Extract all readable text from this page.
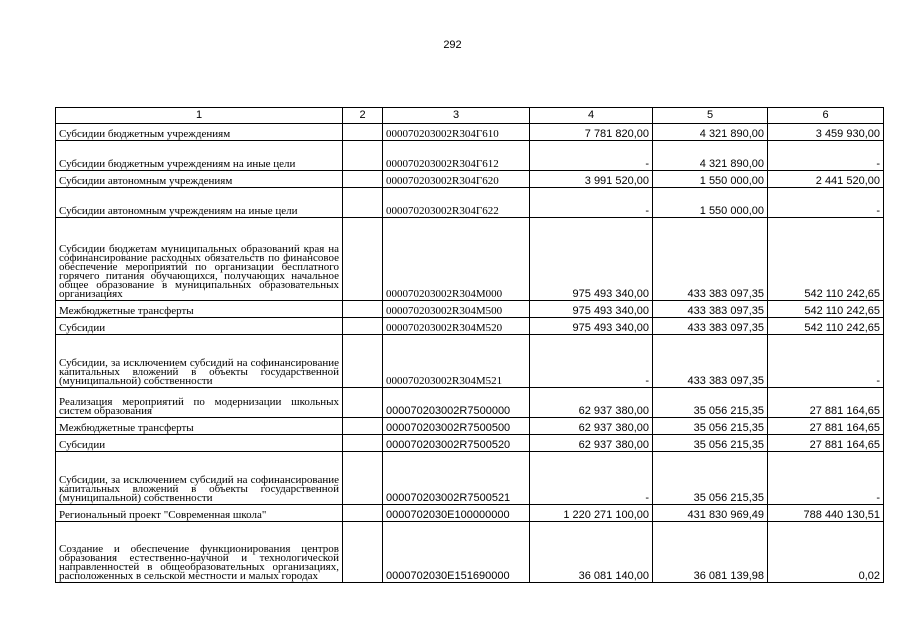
292
1	2	3	4	5	6
Субсидии бюджетным учреждениям		000070203002R304Г610	7 781 820,00	4 321 890,00	3 459 930,00
Субсидии бюджетным учреждениям на иные цели		000070203002R304Г612	-	4 321 890,00	-
Субсидии автономным учреждениям		000070203002R304Г620	3 991 520,00	1 550 000,00	2 441 520,00
Субсидии автономным учреждениям на иные цели		000070203002R304Г622	-	1 550 000,00	-
Субсидии бюджетам муниципальных образований края на софинансирование расходных обязательств по финансовое обеспечение мероприятий по организации бесплатного горячего питания обучающихся, получающих начальное общее образование в муниципальных образовательных организациях		000070203002R304M000	975 493 340,00	433 383 097,35	542 110 242,65
Межбюджетные трансферты		000070203002R304M500	975 493 340,00	433 383 097,35	542 110 242,65
Субсидии		000070203002R304M520	975 493 340,00	433 383 097,35	542 110 242,65
Субсидии, за исключением субсидий на софинансирование капитальных вложений в объекты государственной (муниципальной) собственности		000070203002R304M521	-	433 383 097,35	-
Реализация мероприятий по модернизации школьных систем образования		000070203002R7500000	62 937 380,00	35 056 215,35	27 881 164,65
Межбюджетные трансферты		000070203002R7500500	62 937 380,00	35 056 215,35	27 881 164,65
Субсидии		000070203002R7500520	62 937 380,00	35 056 215,35	27 881 164,65
Субсидии, за исключением субсидий на софинансирование капитальных вложений в объекты государственной (муниципальной) собственности		000070203002R7500521	-	35 056 215,35	-
Региональный проект "Современная школа"		0000702030E100000000	1 220 271 100,00	431 830 969,49	788 440 130,51
Создание и обеспечение функционирования центров образования естественно-научной и технологической направленностей в общеобразовательных организациях, расположенных в сельской местности и малых городах		0000702030E151690000	36 081 140,00	36 081 139,98	0,02
